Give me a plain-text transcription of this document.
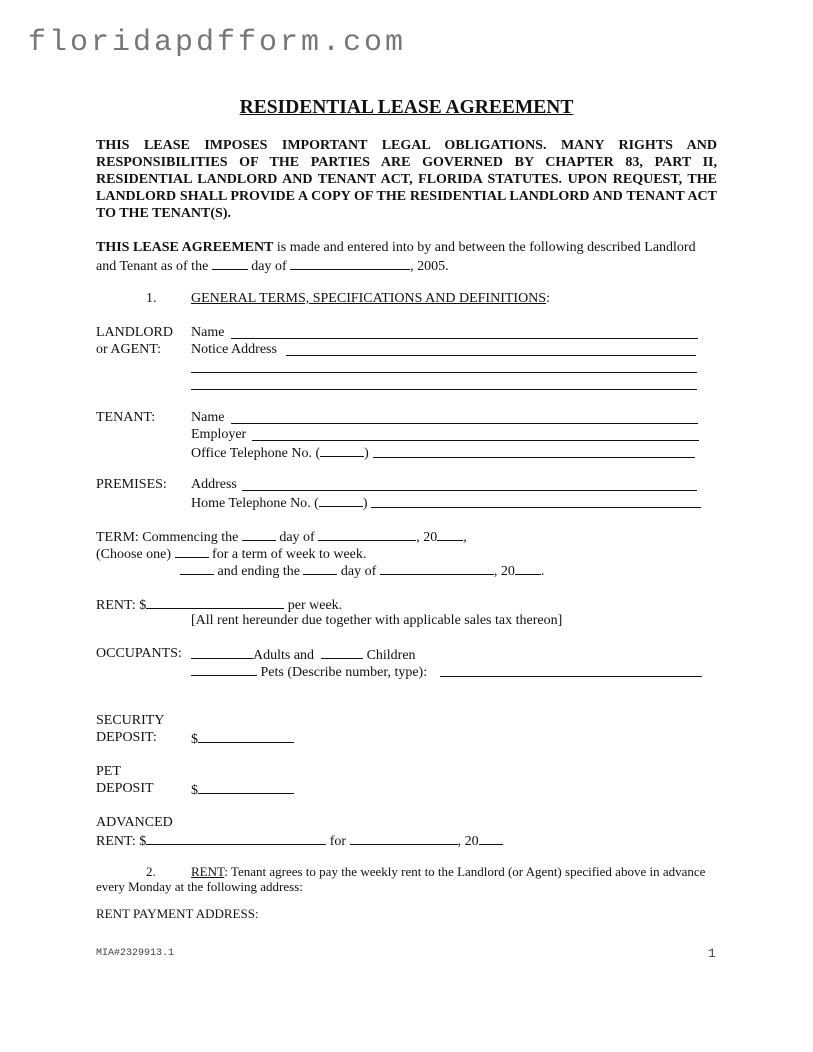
floridapdfform.com
RESIDENTIAL LEASE AGREEMENT

THIS LEASE IMPOSES IMPORTANT LEGAL OBLIGATIONS. MANY RIGHTS AND RESPONSIBILITIES OF THE PARTIES ARE GOVERNED BY CHAPTER 83, PART II, RESIDENTIAL LANDLORD AND TENANT ACT, FLORIDA STATUTES. UPON REQUEST, THE LANDLORD SHALL PROVIDE A COPY OF THE RESIDENTIAL LANDLORD AND TENANT ACT TO THE TENANT(S).

THIS LEASE AGREEMENT is made and entered into by and between the following described Landlord
and Tenant as of the	day of	, 2005.
1. GENERAL TERMS, SPECIFICATIONS AND DEFINITIONS:
LANDLORD
or AGENT:
Name
Notice Address
TENANT:	Name
Employer
Office Telephone No. (	)
PREMISES: Address
Home Telephone No. (	)
TERM: Commencing the  day of	, 20 ,
(Choose one)	for a term of week to week.
and ending the  day of	, 20 .
RENT: $	per week.
[All rent hereunder due together with applicable sales tax thereon]
OCCUPANTS:	Adults and	Children
Pets (Describe number, type):
SECURITY
DEPOSIT: $
PET
DEPOSIT	$
ADVANCED
RENT: $	for	, 20
2.	RENT: Tenant agrees to pay the weekly rent to the Landlord (or Agent) specified above in advance
every Monday at the following address:
RENT PAYMENT ADDRESS:
MIA#2329913.1	1
